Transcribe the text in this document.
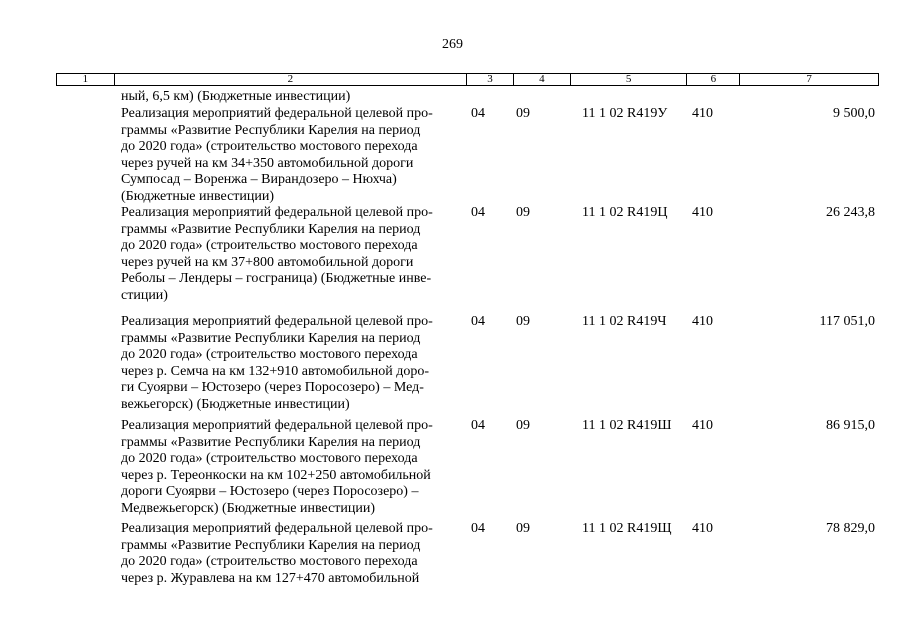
269
1	2	3	4	5	6	7
ный, 6,5 км) (Бюджетные инвестиции)
Реализация мероприятий федеральной целевой про-
граммы «Развитие Республики Карелия на период
до 2020 года» (строительство мостового перехода
через ручей на км 34+350 автомобильной дороги
Сумпосад – Воренжа – Вирандозеро – Нюхча)
(Бюджетные инвестиции)
04 09	11 1 02 R419У 410	9 500,0
Реализация мероприятий федеральной целевой про-
граммы «Развитие Республики Карелия на период
до 2020 года» (строительство мостового перехода
через ручей на км 37+800 автомобильной дороги
Реболы – Лендеры – госграница) (Бюджетные инве-
стиции)
04 09	11 1 02 R419Ц 410	26 243,8
Реализация мероприятий федеральной целевой про-
граммы «Развитие Республики Карелия на период
до 2020 года» (строительство мостового перехода
через р. Семча на км 132+910 автомобильной доро-
ги Суоярви – Юстозеро (через Поросозеро) – Мед-
вежьегорск) (Бюджетные инвестиции)
04 09	11 1 02 R419Ч 410	117 051,0
Реализация мероприятий федеральной целевой про-
граммы «Развитие Республики Карелия на период
до 2020 года» (строительство мостового перехода
через р. Тереонкоски на км 102+250 автомобильной
дороги Суоярви – Юстозеро (через Поросозеро) –
Медвежьегорск) (Бюджетные инвестиции)
04 09	11 1 02 R419Ш 410	86 915,0
Реализация мероприятий федеральной целевой про-
граммы «Развитие Республики Карелия на период
до 2020 года» (строительство мостового перехода
через р. Журавлева на км 127+470 автомобильной
04 09	11 1 02 R419Щ 410	78 829,0
